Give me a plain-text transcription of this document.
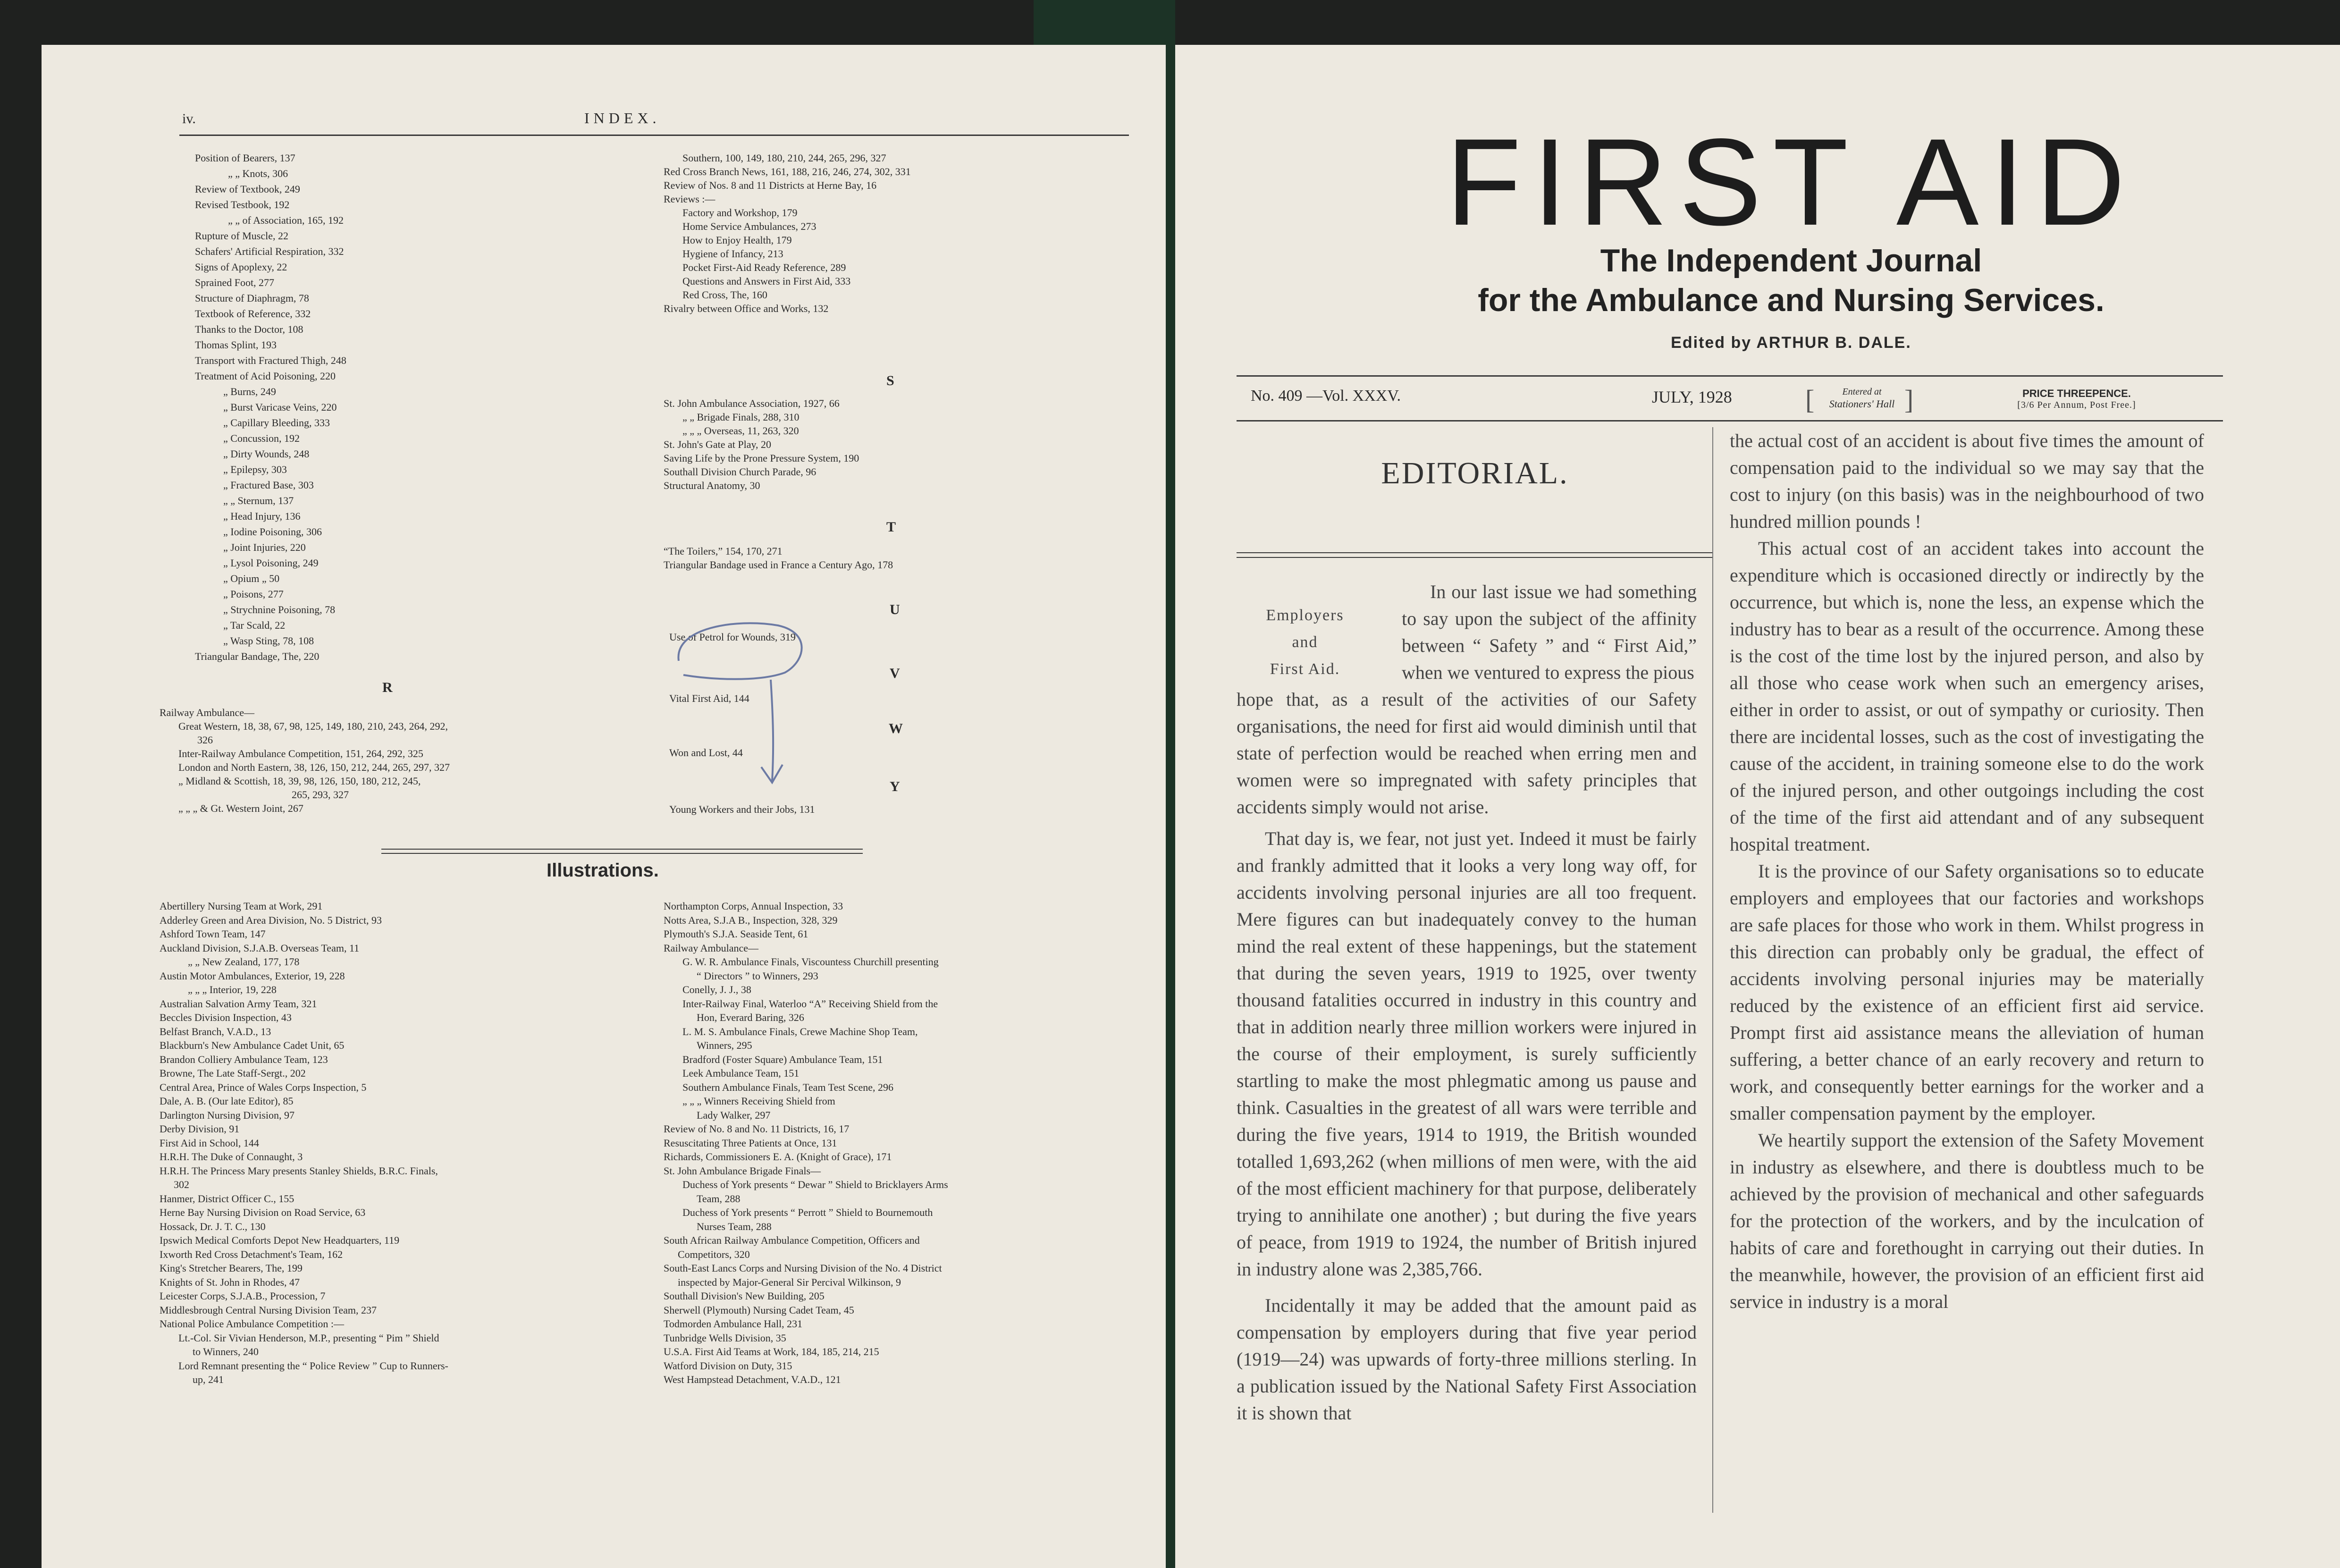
iv.	INDEX.
Position of Bearers, 137
„ „ Knots, 306
Review of Textbook, 249
Revised Testbook, 192
„ „ of Association, 165, 192
Rupture of Muscle, 22
Schafers' Artificial Respiration, 332
Signs of Apoplexy, 22
Sprained Foot, 277
Structure of Diaphragm, 78
Textbook of Reference, 332
Thanks to the Doctor, 108
Thomas Splint, 193
Transport with Fractured Thigh, 248
Treatment of Acid Poisoning, 220
„ Burns, 249
„ Burst Varicase Veins, 220
„ Capillary Bleeding, 333
„ Concussion, 192
„ Dirty Wounds, 248
„ Epilepsy, 303
„ Fractured Base, 303
„ „ Sternum, 137
„ Head Injury, 136
„ Iodine Poisoning, 306
„ Joint Injuries, 220
„ Lysol Poisoning, 249
„ Opium „ 50
„ Poisons, 277
„ Strychnine Poisoning, 78
„ Tar Scald, 22
„ Wasp Sting, 78, 108
Triangular Bandage, The, 220
R
Railway Ambulance—
Great Western, 18, 38, 67, 98, 125, 149, 180, 210, 243, 264, 292,
326
Inter-Railway Ambulance Competition, 151, 264, 292, 325
London and North Eastern, 38, 126, 150, 212, 244, 265, 297, 327
„ Midland & Scottish, 18, 39, 98, 126, 150, 180, 212, 245,
265, 293, 327
„ „ „ & Gt. Western Joint, 267
Southern, 100, 149, 180, 210, 244, 265, 296, 327
Red Cross Branch News, 161, 188, 216, 246, 274, 302, 331
Review of Nos. 8 and 11 Districts at Herne Bay, 16
Reviews :—
Factory and Workshop, 179
Home Service Ambulances, 273
How to Enjoy Health, 179
Hygiene of Infancy, 213
Pocket First-Aid Ready Reference, 289
Questions and Answers in First Aid, 333
Red Cross, The, 160
Rivalry between Office and Works, 132
S
St. John Ambulance Association, 1927, 66
„ „ Brigade Finals, 288, 310
„ „ „ Overseas, 11, 263, 320
St. John's Gate at Play, 20
Saving Life by the Prone Pressure System, 190
Southall Division Church Parade, 96
Structural Anatomy, 30
T
“The Toilers,” 154, 170, 271
Triangular Bandage used in France a Century Ago, 178
U
Use of Petrol for Wounds, 319
V
Vital First Aid, 144
W
Won and Lost, 44
Y
Young Workers and their Jobs, 131
Illustrations.
Abertillery Nursing Team at Work, 291
Adderley Green and Area Division, No. 5 District, 93
Ashford Town Team, 147
Auckland Division, S.J.A.B. Overseas Team, 11
„ „ New Zealand, 177, 178
Austin Motor Ambulances, Exterior, 19, 228
„ „ „ Interior, 19, 228
Australian Salvation Army Team, 321
Beccles Division Inspection, 43
Belfast Branch, V.A.D., 13
Blackburn's New Ambulance Cadet Unit, 65
Brandon Colliery Ambulance Team, 123
Browne, The Late Staff-Sergt., 202
Central Area, Prince of Wales Corps Inspection, 5
Dale, A. B. (Our late Editor), 85
Darlington Nursing Division, 97
Derby Division, 91
First Aid in School, 144
H.R.H. The Duke of Connaught, 3
H.R.H. The Princess Mary presents Stanley Shields, B.R.C. Finals,
302
Hanmer, District Officer C., 155
Herne Bay Nursing Division on Road Service, 63
Hossack, Dr. J. T. C., 130
Ipswich Medical Comforts Depot New Headquarters, 119
Ixworth Red Cross Detachment's Team, 162
King's Stretcher Bearers, The, 199
Knights of St. John in Rhodes, 47
Leicester Corps, S.J.A.B., Procession, 7
Middlesbrough Central Nursing Division Team, 237
National Police Ambulance Competition :—
Lt.-Col. Sir Vivian Henderson, M.P., presenting “ Pim ” Shield
to Winners, 240
Lord Remnant presenting the “ Police Review ” Cup to Runners-
up, 241
Northampton Corps, Annual Inspection, 33
Notts Area, S.J.A B., Inspection, 328, 329
Plymouth's S.J.A. Seaside Tent, 61
Railway Ambulance—
G. W. R. Ambulance Finals, Viscountess Churchill presenting
“ Directors ” to Winners, 293
Conelly, J. J., 38
Inter-Railway Final, Waterloo “A” Receiving Shield from the
Hon, Everard Baring, 326
L. M. S. Ambulance Finals, Crewe Machine Shop Team,
Winners, 295
Bradford (Foster Square) Ambulance Team, 151
Leek Ambulance Team, 151
Southern Ambulance Finals, Team Test Scene, 296
„ „ „ Winners Receiving Shield from
Lady Walker, 297
Review of No. 8 and No. 11 Districts, 16, 17
Resuscitating Three Patients at Once, 131
Richards, Commissioners E. A. (Knight of Grace), 171
St. John Ambulance Brigade Finals—
Duchess of York presents “ Dewar ” Shield to Bricklayers Arms
Team, 288
Duchess of York presents “ Perrott ” Shield to Bournemouth
Nurses Team, 288
South African Railway Ambulance Competition, Officers and
Competitors, 320
South-East Lancs Corps and Nursing Division of the No. 4 District
inspected by Major-General Sir Percival Wilkinson, 9
Southall Division's New Building, 205
Sherwell (Plymouth) Nursing Cadet Team, 45
Todmorden Ambulance Hall, 231
Tunbridge Wells Division, 35
U.S.A. First Aid Teams at Work, 184, 185, 214, 215
Watford Division on Duty, 315
West Hampstead Detachment, V.A.D., 121
FIRST AID
The Independent Journal
for the Ambulance and Nursing Services.
Edited by ARTHUR B. DALE.
No. 409 —Vol. XXXV.	JULY, 1928	[	Entered at
Stationers' Hall ]	PRICE THREEPENCE.
[3/6 Per Annum, Post Free.]
EDITORIAL.
Employers
and
First Aid.

In our last issue we had something to say upon the subject of the affinity between “ Safety ” and “ First Aid,” when we ventured to express the pious

hope that, as a result of the activities of our Safety organisations, the need for first aid would diminish until that state of perfection would be reached when erring men and women were so impregnated with safety principles that accidents simply would not arise.

That day is, we fear, not just yet. Indeed it must be fairly and frankly admitted that it looks a very long way off, for accidents involving personal injuries are all too frequent. Mere figures can but inadequately convey to the human mind the real extent of these happenings, but the statement that during the seven years, 1919 to 1925, over twenty thousand fatalities occurred in industry in this country and that in addition nearly three million workers were injured in the course of their employment, is surely sufficiently startling to make the most phlegmatic among us pause and think. Casualties in the greatest of all wars were terrible and during the five years, 1914 to 1919, the British wounded totalled 1,693,262 (when millions of men were, with the aid of the most efficient machinery for that purpose, deliberately trying to annihilate one another) ; but during the five years of peace, from 1919 to 1924, the number of British injured in industry alone was 2,385,766.

Incidentally it may be added that the amount paid as compensation by employers during that five year period (1919—24) was upwards of forty-three millions sterling. In a publication issued by the National Safety First Association it is shown that

the actual cost of an accident is about five times the amount of compensation paid to the individual so we may say that the cost to injury (on this basis) was in the neighbourhood of two hundred million pounds !

This actual cost of an accident takes into account the expenditure which is occasioned directly or indirectly by the occurrence, but which is, none the less, an expense which the industry has to bear as a result of the occurrence. Among these is the cost of the time lost by the injured person, and also by all those who cease work when such an emergency arises, either in order to assist, or out of sympathy or curiosity. Then there are incidental losses, such as the cost of investigating the cause of the accident, in training someone else to do the work of the injured person, and other outgoings including the cost of the time of the first aid attendant and of any subsequent hospital treatment.

It is the province of our Safety organisations so to educate employers and employees that our factories and workshops are safe places for those who work in them. Whilst progress in this direction can probably only be gradual, the effect of accidents involving personal injuries may be materially reduced by the existence of an efficient first aid service. Prompt first aid assistance means the alleviation of human suffering, a better chance of an early recovery and return to work, and consequently better earnings for the worker and a smaller compensation payment by the employer.

We heartily support the extension of the Safety Movement in industry as elsewhere, and there is doubtless much to be achieved by the provision of mechanical and other safeguards for the protection of the workers, and by the inculcation of habits of care and forethought in carrying out their duties. In the meanwhile, however, the provision of an efficient first aid service in industry is a moral
